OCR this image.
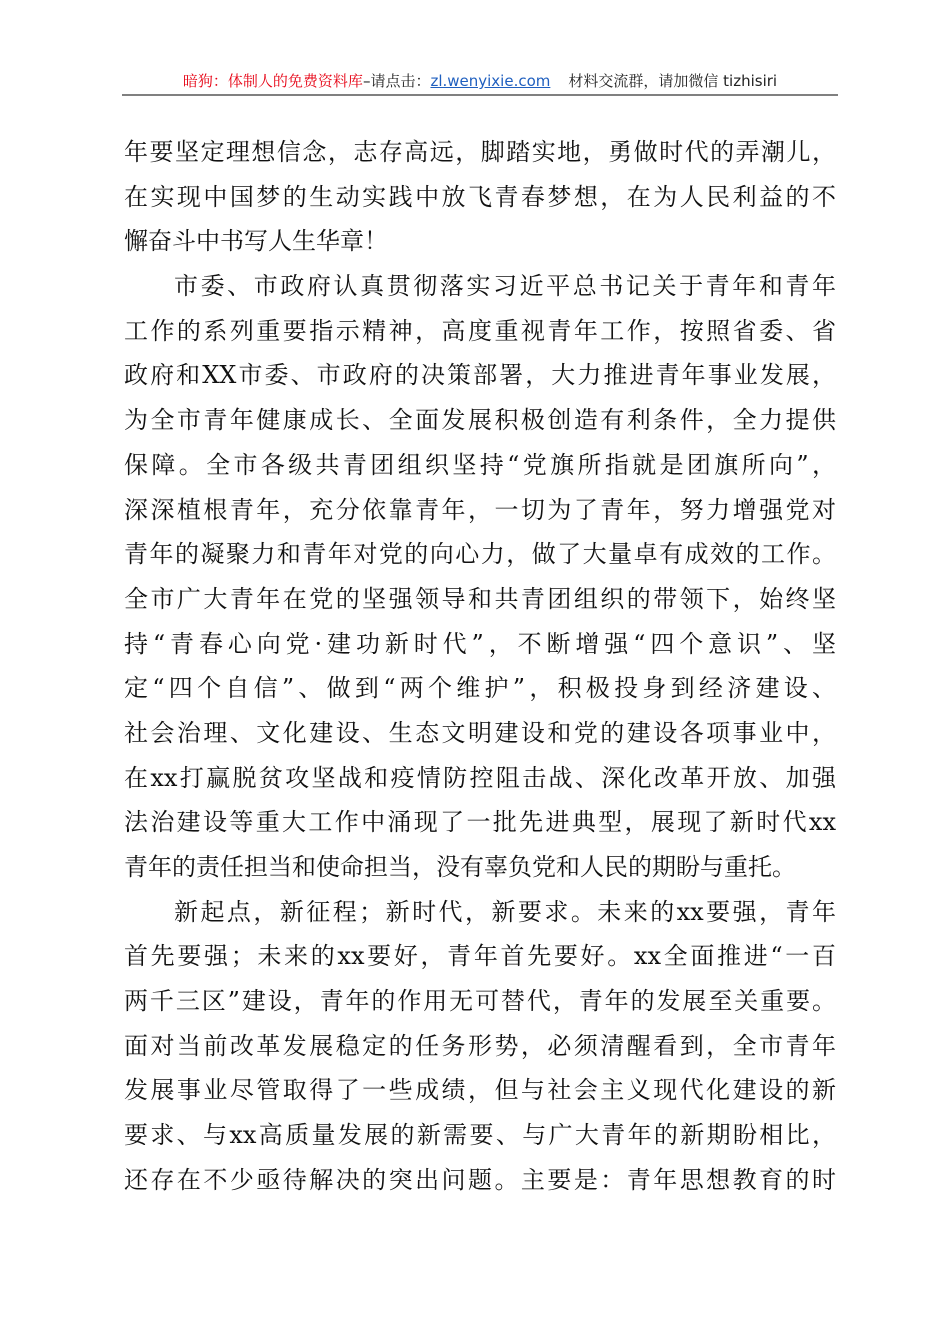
暗狗：体制人的免费资料库–请点击：zl.wenyixie.com 材料交流群，请加微信 tizhisiri
年要坚定理想信念，志存高远，脚踏实地，勇做时代的弄潮儿，
在实现中国梦的生动实践中放飞青春梦想，在为人民利益的不
懈奋斗中书写人生华章！
市委、市政府认真贯彻落实习近平总书记关于青年和青年
工作的系列重要指示精神，高度重视青年工作，按照省委、省
政府和XX市委、市政府的决策部署，大力推进青年事业发展，
为全市青年健康成长、全面发展积极创造有利条件，全力提供
保障。全市各级共青团组织坚持“党旗所指就是团旗所向”，
深深植根青年，充分依靠青年，一切为了青年，努力增强党对
青年的凝聚力和青年对党的向心力，做了大量卓有成效的工作。
全市广大青年在党的坚强领导和共青团组织的带领下，始终坚
持“青春心向党·建功新时代”，不断增强“四个意识”、坚
定“四个自信”、做到“两个维护”，积极投身到经济建设、
社会治理、文化建设、生态文明建设和党的建设各项事业中，
在xx打赢脱贫攻坚战和疫情防控阻击战、深化改革开放、加强
法治建设等重大工作中涌现了一批先进典型，展现了新时代xx
青年的责任担当和使命担当，没有辜负党和人民的期盼与重托。
新起点，新征程；新时代，新要求。未来的xx要强，青年
首先要强；未来的xx要好，青年首先要好。xx全面推进“一百
两千三区”建设，青年的作用无可替代，青年的发展至关重要。
面对当前改革发展稳定的任务形势，必须清醒看到，全市青年
发展事业尽管取得了一些成绩，但与社会主义现代化建设的新
要求、与xx高质量发展的新需要、与广大青年的新期盼相比，
还存在不少亟待解决的突出问题。主要是：青年思想教育的时
